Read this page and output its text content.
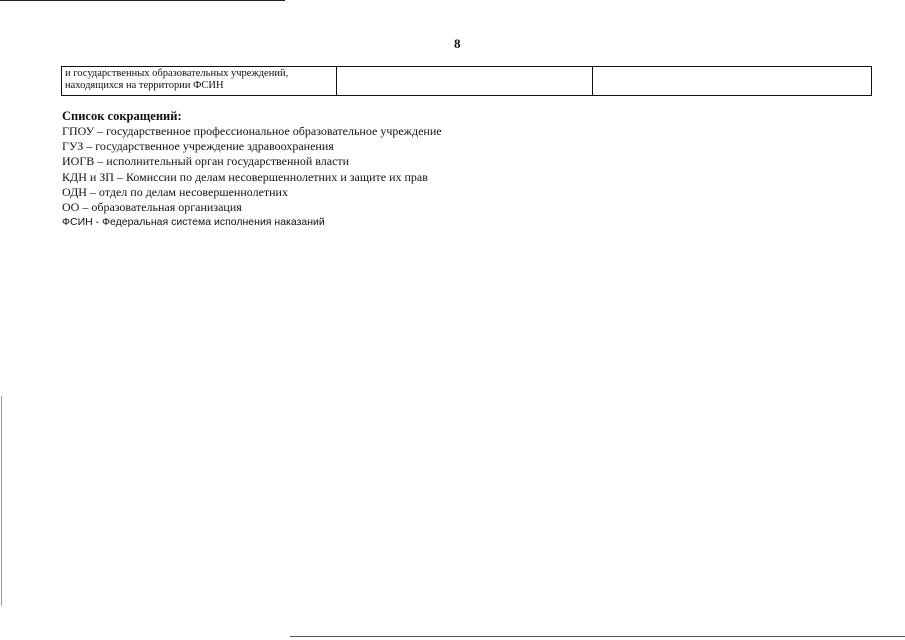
8
и государственных образовательных учреждений,
находящихся на территории ФСИН

Список сокращений:
ГПОУ – государственное профессиональное образовательное учреждение
ГУЗ – государственное учреждение здравоохранения
ИОГВ – исполнительный орган государственной власти
КДН и ЗП – Комиссии по делам несовершеннолетних и защите их прав
ОДН – отдел по делам несовершеннолетних
ОО – образовательная организация
ФСИН - Федеральная система исполнения наказаний
